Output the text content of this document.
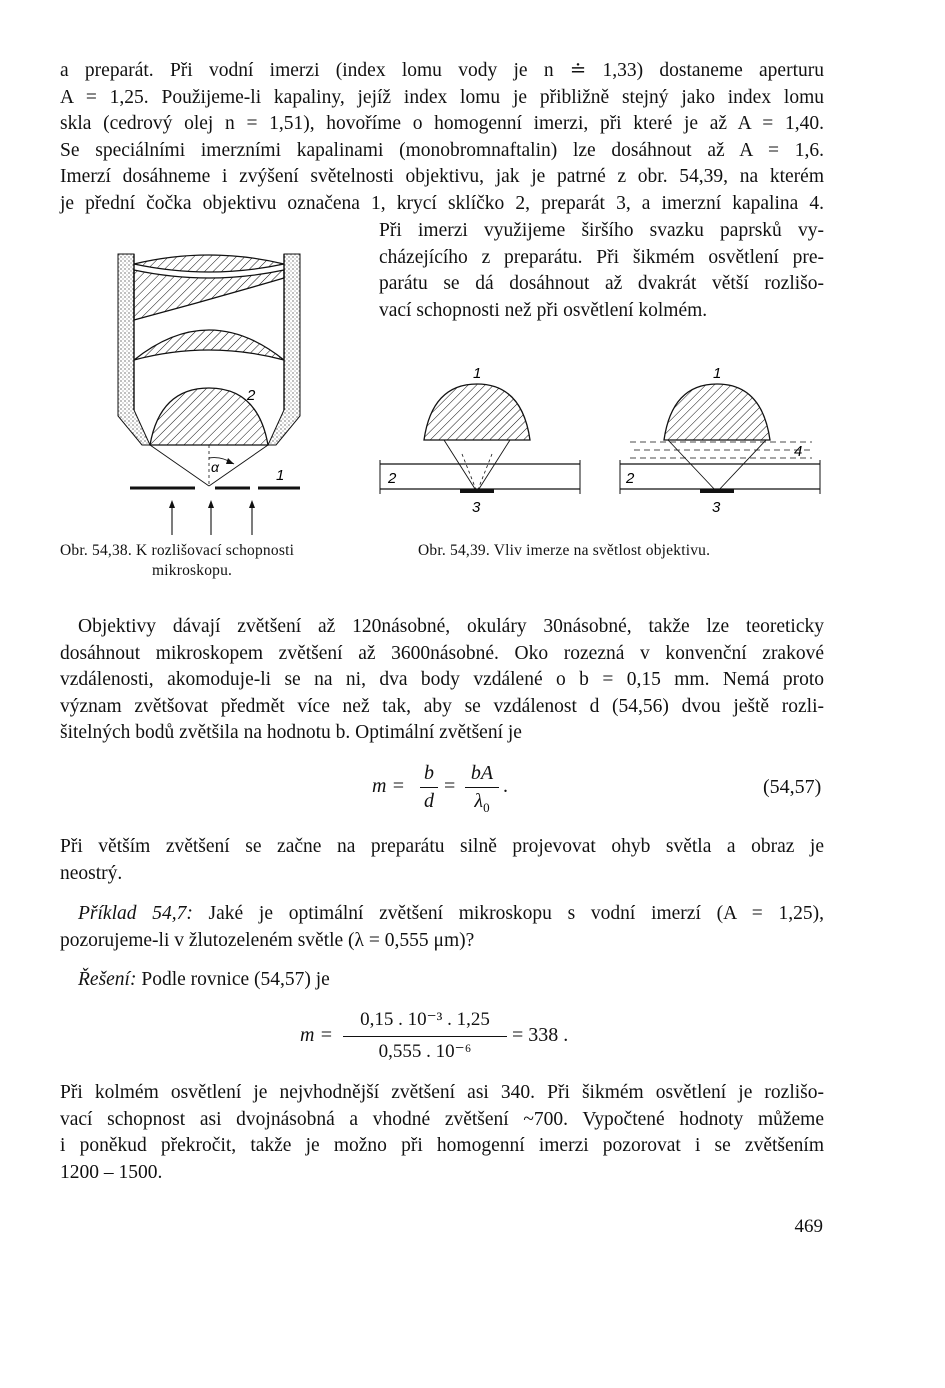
a preparát. Při vodní imerzi (index lomu vody je n ≐ 1,33) dostaneme aperturu
A = 1,25. Použijeme-li kapaliny, jejíž index lomu je přibližně stejný jako index lomu
skla (cedrový olej n = 1,51), hovoříme o homogenní imerzi, při které je až A = 1,40.
Se speciálními imerzními kapalinami (monobromnaftalin) lze dosáhnout až A = 1,6.
Imerzí dosáhneme i zvýšení světelnosti objektivu, jak je patrné z obr. 54,39, na kterém
je přední čočka objektivu označena 1, krycí sklíčko 2, preparát 3, a imerzní kapalina 4.
Při imerzi využijeme širšího svazku paprsků vy-
cházejícího z preparátu. Při šikmém osvětlení pre-
parátu se dá dosáhnout až dvakrát větší rozlišo-
vací schopnosti než při osvětlení kolmém.
2
α	1
1
2
3
1
2
3
4
Obr. 54,38. K rozlišovací schopnosti
mikroskopu.
Obr. 54,39. Vliv imerze na světlost objektivu.
Objektivy dávají zvětšení až 120násobné, okuláry 30násobné, takže lze teoreticky
dosáhnout mikroskopem zvětšení až 3600násobné. Oko rozezná v konvenční zrakové
vzdálenosti, akomoduje-li se na ni, dva body vzdálené o b = 0,15 mm. Nemá proto
význam zvětšovat předmět více než tak, aby se vzdálenost d (54,56) dvou ještě rozli-
šitelných bodů zvětšila na hodnotu b. Optimální zvětšení je
m =
b
d
=
bA
$\lambda_0$
.	(54,57)
Při větším zvětšení se začne na preparátu silně projevovat ohyb světla a obraz je
neostrý.
Příklad 54,7: Jaké je optimální zvětšení mikroskopu s vodní imerzí (A = 1,25),
pozorujeme-li v žlutozeleném světle (λ = 0,555 μm)?
Řešení: Podle rovnice (54,57) je
m =
0,15 . 10⁻³ . 1,25
0,555 . 10⁻⁶
= 338 .
Při kolmém osvětlení je nejvhodnější zvětšení asi 340. Při šikmém osvětlení je rozlišo-
vací schopnost asi dvojnásobná a vhodné zvětšení ~700. Vypočtené hodnoty můžeme
i poněkud překročit, takže je možno při homogenní imerzi pozorovat i se zvětšením
1200 – 1500.
469
